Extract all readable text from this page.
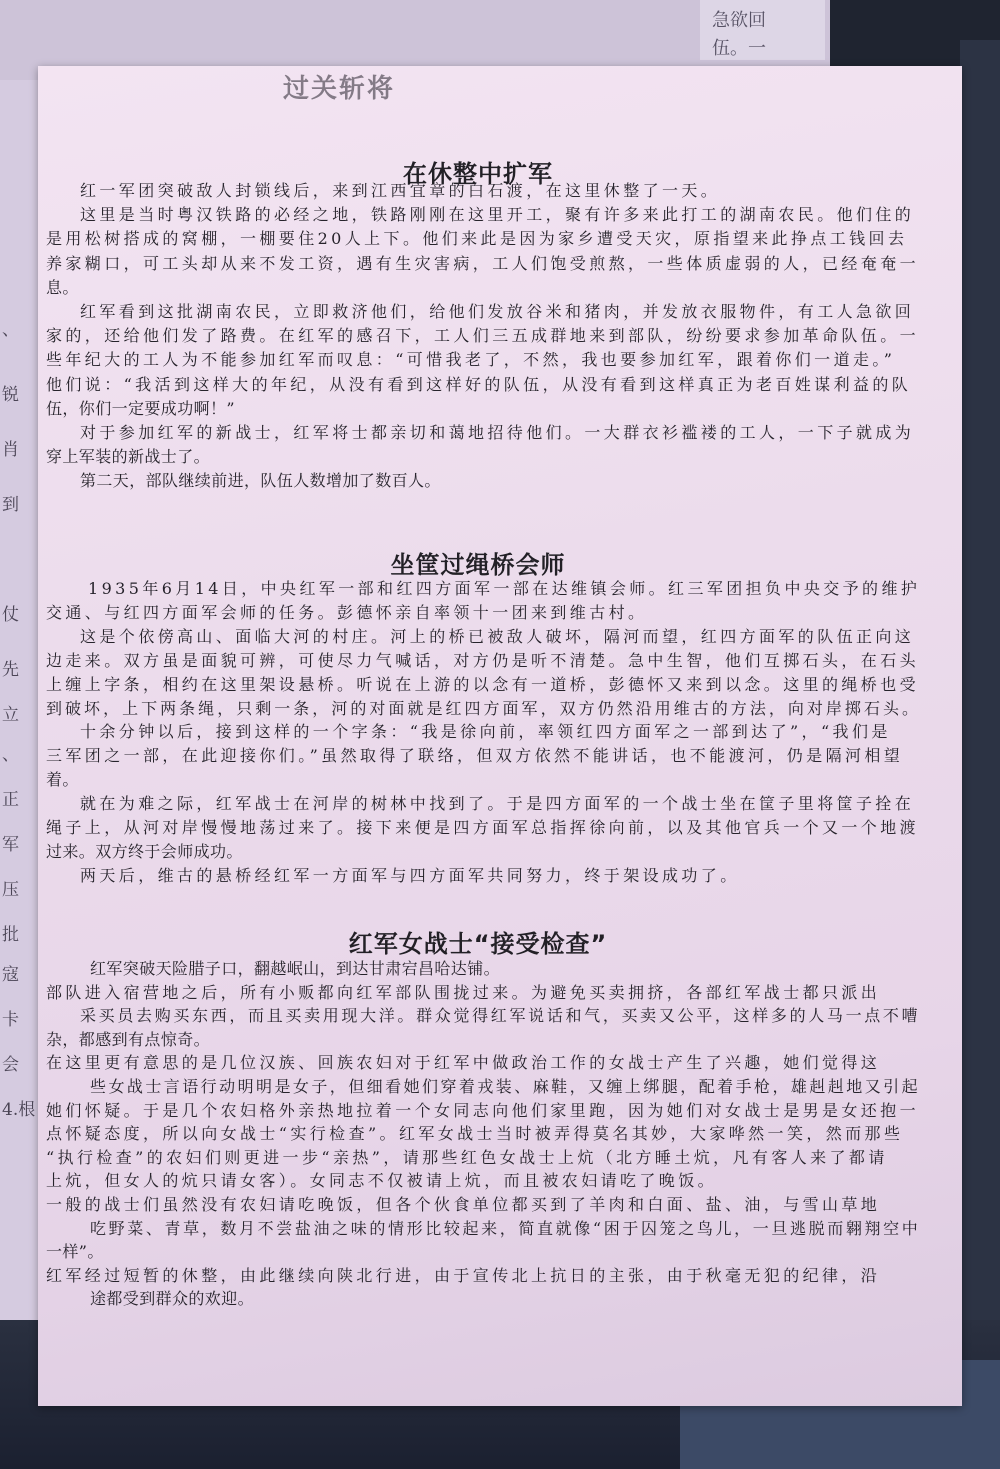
急欲回
伍。一
、
锐
肖
到
仗
先
立
、
正
军
压
批
寇
卡
会
4.根
过关斩将
在休整中扩军
坐筐过绳桥会师
红军女战士“接受检查”
红一军团突破敌人封锁线后，来到江西宜章的白石渡，在这里休整了一天。
这里是当时粤汉铁路的必经之地，铁路刚刚在这里开工，聚有许多来此打工的湖南农民。他们住的
是用松树搭成的窝棚，一棚要住20人上下。他们来此是因为家乡遭受天灾，原指望来此挣点工钱回去
养家糊口，可工头却从来不发工资，遇有生灾害病，工人们饱受煎熬，一些体质虚弱的人，已经奄奄一
息。
红军看到这批湖南农民，立即救济他们，给他们发放谷米和猪肉，并发放衣服物件，有工人急欲回
家的，还给他们发了路费。在红军的感召下，工人们三五成群地来到部队，纷纷要求参加革命队伍。一
些年纪大的工人为不能参加红军而叹息：“可惜我老了，不然，我也要参加红军，跟着你们一道走。”
他们说：“我活到这样大的年纪，从没有看到这样好的队伍，从没有看到这样真正为老百姓谋利益的队
伍，你们一定要成功啊！”
对于参加红军的新战士，红军将士都亲切和蔼地招待他们。一大群衣衫褴褛的工人，一下子就成为
穿上军装的新战士了。
第二天，部队继续前进，队伍人数增加了数百人。
1935年6月14日，中央红军一部和红四方面军一部在达维镇会师。红三军团担负中央交予的维护
交通、与红四方面军会师的任务。彭德怀亲自率领十一团来到维古村。
这是个依傍高山、面临大河的村庄。河上的桥已被敌人破坏，隔河而望，红四方面军的队伍正向这
边走来。双方虽是面貌可辨，可使尽力气喊话，对方仍是听不清楚。急中生智，他们互掷石头，在石头
上缠上字条，相约在这里架设悬桥。听说在上游的以念有一道桥，彭德怀又来到以念。这里的绳桥也受
到破坏，上下两条绳，只剩一条，河的对面就是红四方面军，双方仍然沿用维古的方法，向对岸掷石头。
十余分钟以后，接到这样的一个字条：“我是徐向前，率领红四方面军之一部到达了”，“我们是
三军团之一部，在此迎接你们。”虽然取得了联络，但双方依然不能讲话，也不能渡河，仍是隔河相望
着。
就在为难之际，红军战士在河岸的树林中找到了。于是四方面军的一个战士坐在筐子里将筐子拴在
绳子上，从河对岸慢慢地荡过来了。接下来便是四方面军总指挥徐向前，以及其他官兵一个又一个地渡
过来。双方终于会师成功。
两天后，维古的悬桥经红军一方面军与四方面军共同努力，终于架设成功了。
红军突破天险腊子口，翻越岷山，到达甘肃宕昌哈达铺。
部队进入宿营地之后，所有小贩都向红军部队围拢过来。为避免买卖拥挤，各部红军战士都只派出
采买员去购买东西，而且买卖用现大洋。群众觉得红军说话和气，买卖又公平，这样多的人马一点不嘈
杂，都感到有点惊奇。
在这里更有意思的是几位汉族、回族农妇对于红军中做政治工作的女战士产生了兴趣，她们觉得这
些女战士言语行动明明是女子，但细看她们穿着戎装、麻鞋，又缠上绑腿，配着手枪，雄赳赳地又引起
她们怀疑。于是几个农妇格外亲热地拉着一个女同志向他们家里跑，因为她们对女战士是男是女还抱一
点怀疑态度，所以向女战士“实行检查”。红军女战士当时被弄得莫名其妙，大家哗然一笑，然而那些
“执行检查”的农妇们则更进一步“亲热”，请那些红色女战士上炕（北方睡土炕，凡有客人来了都请
上炕，但女人的炕只请女客）。女同志不仅被请上炕，而且被农妇请吃了晚饭。
一般的战士们虽然没有农妇请吃晚饭，但各个伙食单位都买到了羊肉和白面、盐、油，与雪山草地
吃野菜、青草，数月不尝盐油之味的情形比较起来，简直就像“困于囚笼之鸟儿，一旦逃脱而翱翔空中
一样”。
红军经过短暂的休整，由此继续向陕北行进，由于宣传北上抗日的主张，由于秋毫无犯的纪律，沿
途都受到群众的欢迎。
